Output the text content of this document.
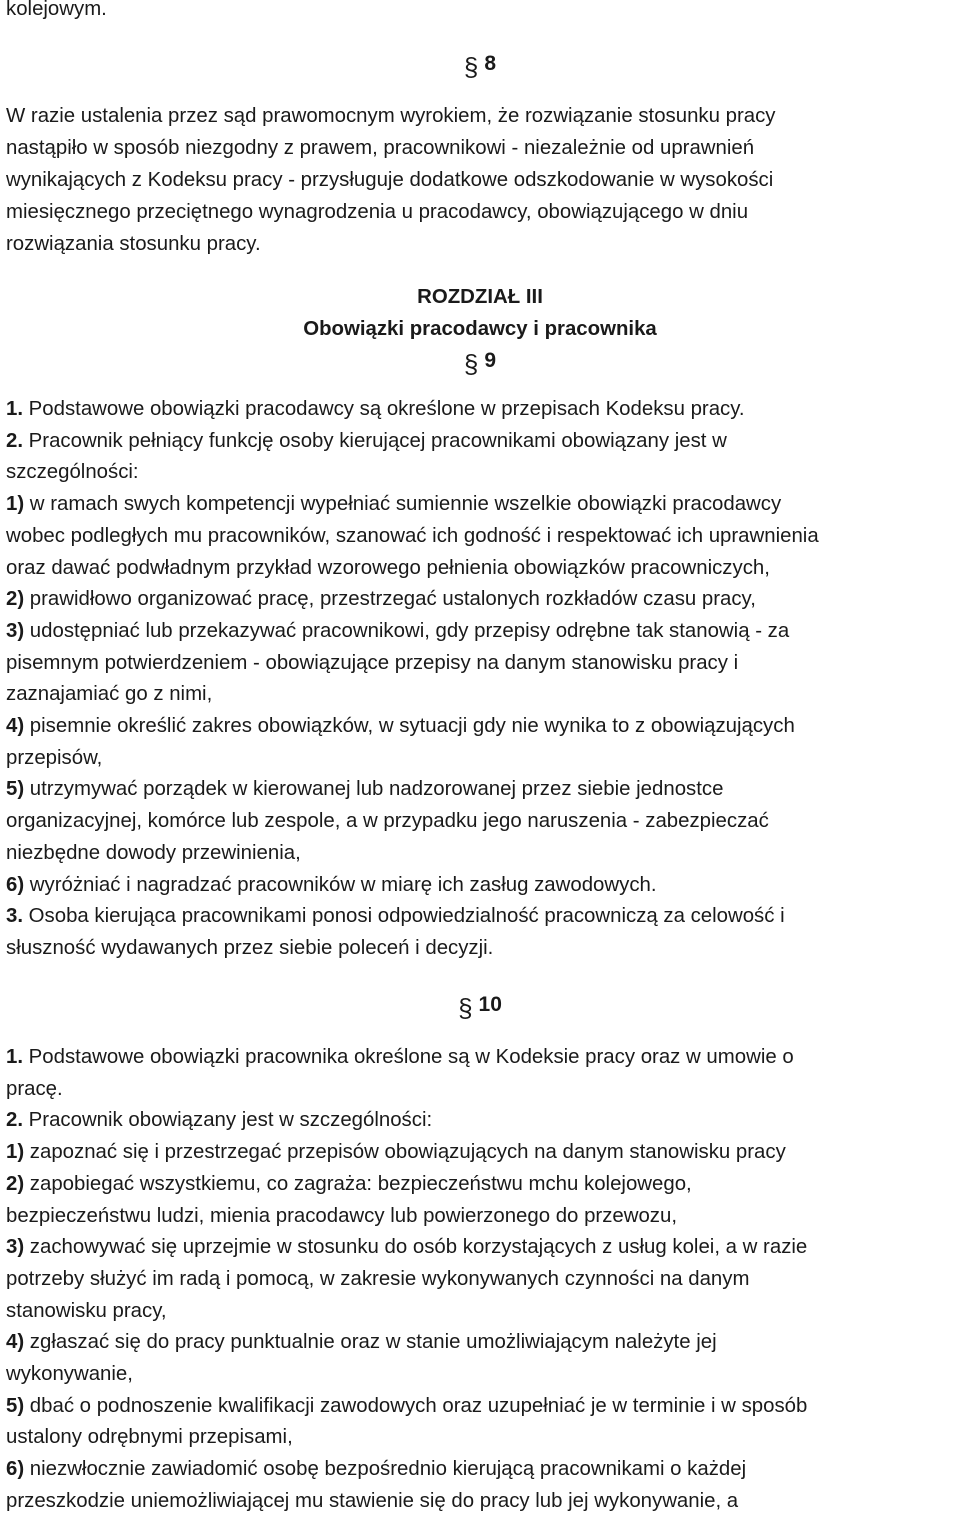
kolejowym.
§ 8
W razie ustalenia przez sąd prawomocnym wyrokiem, że rozwiązanie stosunku pracy
nastąpiło w sposób niezgodny z prawem, pracownikowi - niezależnie od uprawnień
wynikających z Kodeksu pracy - przysługuje dodatkowe odszkodowanie w wysokości
miesięcznego przeciętnego wynagrodzenia u pracodawcy, obowiązującego w dniu
rozwiązania stosunku pracy.
ROZDZIAŁ III
Obowiązki pracodawcy i pracownika
§ 9
1. Podstawowe obowiązki pracodawcy są określone w przepisach Kodeksu pracy.
2. Pracownik pełniący funkcję osoby kierującej pracownikami obowiązany jest w
szczególności:
1) w ramach swych kompetencji wypełniać sumiennie wszelkie obowiązki pracodawcy
wobec podległych mu pracowników, szanować ich godność i respektować ich uprawnienia
oraz dawać podwładnym przykład wzorowego pełnienia obowiązków pracowniczych,
2) prawidłowo organizować pracę, przestrzegać ustalonych rozkładów czasu pracy,
3) udostępniać lub przekazywać pracownikowi, gdy przepisy odrębne tak stanowią - za
pisemnym potwierdzeniem - obowiązujące przepisy na danym stanowisku pracy i
zaznajamiać go z nimi,
4) pisemnie określić zakres obowiązków, w sytuacji gdy nie wynika to z obowiązujących
przepisów,
5) utrzymywać porządek w kierowanej lub nadzorowanej przez siebie jednostce
organizacyjnej, komórce lub zespole, a w przypadku jego naruszenia - zabezpieczać
niezbędne dowody przewinienia,
6) wyróżniać i nagradzać pracowników w miarę ich zasług zawodowych.
3. Osoba kierująca pracownikami ponosi odpowiedzialność pracowniczą za celowość i
słuszność wydawanych przez siebie poleceń i decyzji.
§ 10
1. Podstawowe obowiązki pracownika określone są w Kodeksie pracy oraz w umowie o
pracę.
2. Pracownik obowiązany jest w szczególności:
1) zapoznać się i przestrzegać przepisów obowiązujących na danym stanowisku pracy
2) zapobiegać wszystkiemu, co zagraża: bezpieczeństwu mchu kolejowego,
bezpieczeństwu ludzi, mienia pracodawcy lub powierzonego do przewozu,
3) zachowywać się uprzejmie w stosunku do osób korzystających z usług kolei, a w razie
potrzeby służyć im radą i pomocą, w zakresie wykonywanych czynności na danym
stanowisku pracy,
4) zgłaszać się do pracy punktualnie oraz w stanie umożliwiającym należyte jej
wykonywanie,
5) dbać o podnoszenie kwalifikacji zawodowych oraz uzupełniać je w terminie i w sposób
ustalony odrębnymi przepisami,
6) niezwłocznie zawiadomić osobę bezpośrednio kierującą pracownikami o każdej
przeszkodzie uniemożliwiającej mu stawienie się do pracy lub jej wykonywanie, a
